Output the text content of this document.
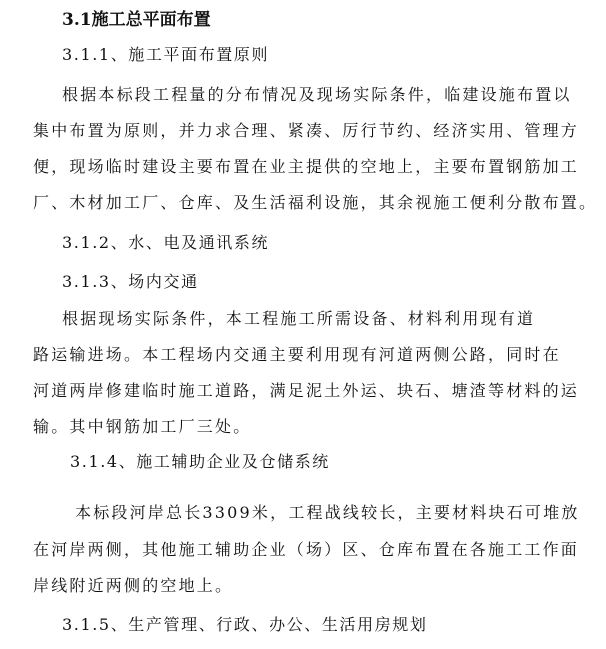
3.1施工总平面布置
3.1.1、施工平面布置原则
根据本标段工程量的分布情况及现场实际条件，临建设施布置以
集中布置为原则，并力求合理、紧凑、厉行节约、经济实用、管理方
便，现场临时建设主要布置在业主提供的空地上，主要布置钢筋加工
厂、木材加工厂、仓库、及生活福利设施，其余视施工便利分散布置。
3.1.2、水、电及通讯系统
3.1.3、场内交通
根据现场实际条件，本工程施工所需设备、材料利用现有道
路运输进场。本工程场内交通主要利用现有河道两侧公路，同时在
河道两岸修建临时施工道路，满足泥土外运、块石、塘渣等材料的运
输。其中钢筋加工厂三处。
3.1.4、施工辅助企业及仓储系统
本标段河岸总长3309米，工程战线较长，主要材料块石可堆放
在河岸两侧，其他施工辅助企业（场）区、仓库布置在各施工工作面
岸线附近两侧的空地上。
3.1.5、生产管理、行政、办公、生活用房规划
